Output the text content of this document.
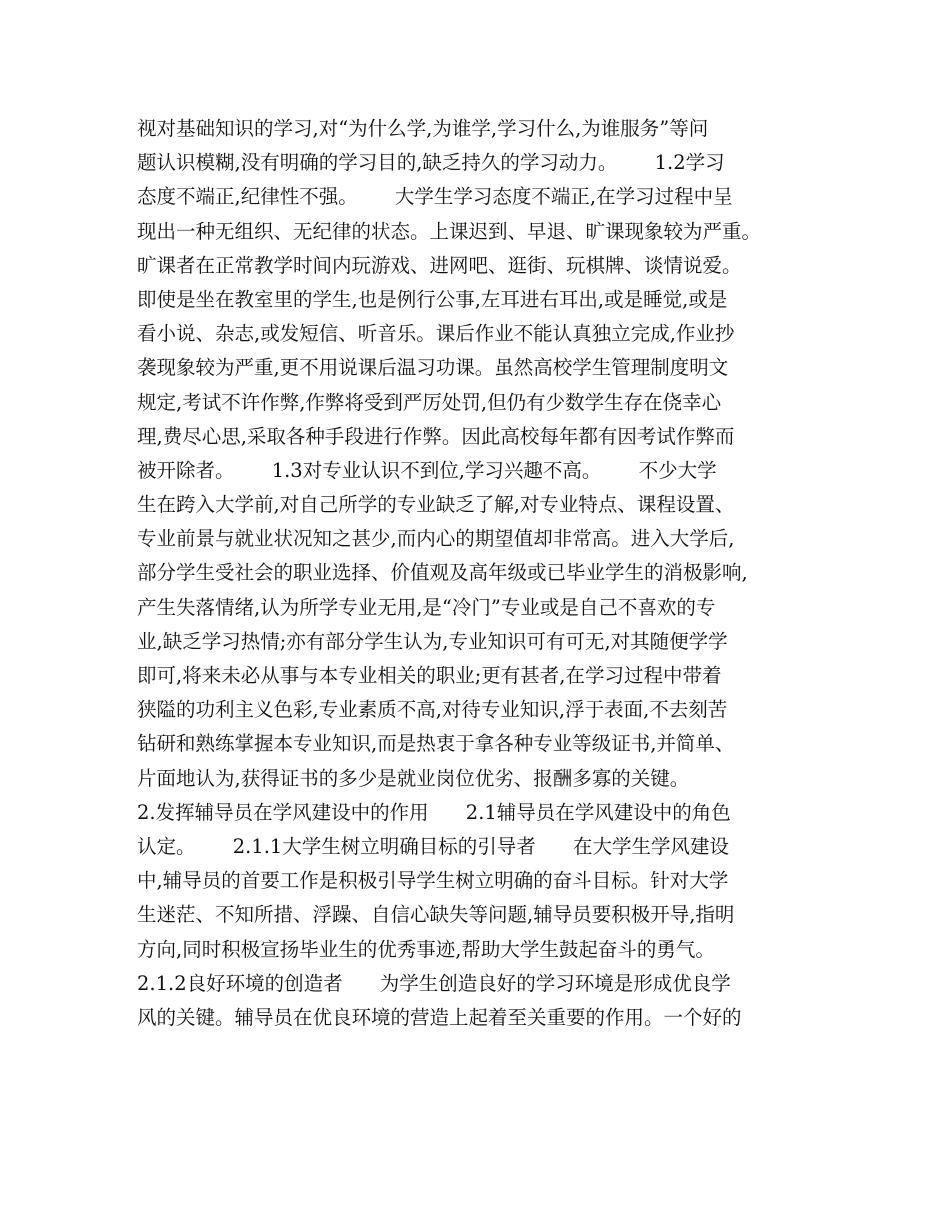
视对基础知识的学习,对“为什么学,为谁学,学习什么,为谁服务”等问
题认识模糊,没有明确的学习目的,缺乏持久的学习动力。      1.2学习
态度不端正,纪律性不强。      大学生学习态度不端正,在学习过程中呈
现出一种无组织、无纪律的状态。上课迟到、早退、旷课现象较为严重。
旷课者在正常教学时间内玩游戏、进网吧、逛街、玩棋牌、谈情说爱。
即使是坐在教室里的学生,也是例行公事,左耳进右耳出,或是睡觉,或是
看小说、杂志,或发短信、听音乐。课后作业不能认真独立完成,作业抄
袭现象较为严重,更不用说课后温习功课。虽然高校学生管理制度明文
规定,考试不许作弊,作弊将受到严厉处罚,但仍有少数学生存在侥幸心
理,费尽心思,采取各种手段进行作弊。因此高校每年都有因考试作弊而
被开除者。      1.3对专业认识不到位,学习兴趣不高。      不少大学
生在跨入大学前,对自己所学的专业缺乏了解,对专业特点、课程设置、
专业前景与就业状况知之甚少,而内心的期望值却非常高。进入大学后,
部分学生受社会的职业选择、价值观及高年级或已毕业学生的消极影响,
产生失落情绪,认为所学专业无用,是“冷门”专业或是自己不喜欢的专
业,缺乏学习热情;亦有部分学生认为,专业知识可有可无,对其随便学学
即可,将来未必从事与本专业相关的职业;更有甚者,在学习过程中带着
狭隘的功利主义色彩,专业素质不高,对待专业知识,浮于表面,不去刻苦
钻研和熟练掌握本专业知识,而是热衷于拿各种专业等级证书,并简单、
片面地认为,获得证书的多少是就业岗位优劣、报酬多寡的关键。
2.发挥辅导员在学风建设中的作用      2.1辅导员在学风建设中的角色
认定。      2.1.1大学生树立明确目标的引导者      在大学生学风建设
中,辅导员的首要工作是积极引导学生树立明确的奋斗目标。针对大学
生迷茫、不知所措、浮躁、自信心缺失等问题,辅导员要积极开导,指明
方向,同时积极宣扬毕业生的优秀事迹,帮助大学生鼓起奋斗的勇气。
2.1.2良好环境的创造者      为学生创造良好的学习环境是形成优良学
风的关键。辅导员在优良环境的营造上起着至关重要的作用。一个好的
